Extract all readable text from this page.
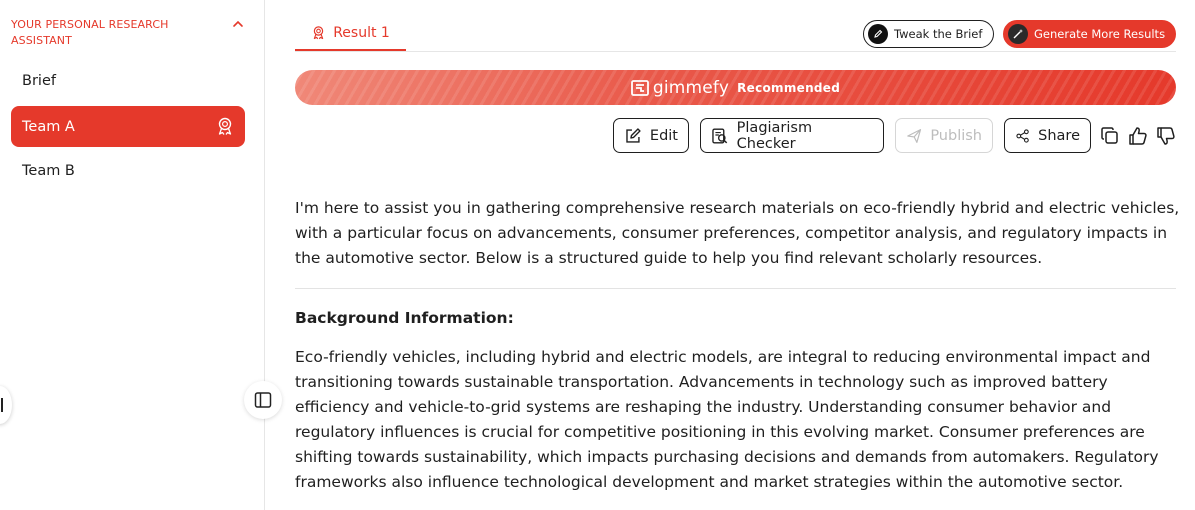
YOUR PERSONAL RESEARCH ASSISTANT
Brief
Team A
Team B
Result 1	Tweak the Brief	Generate More Results
gimmefy Recommended
Edit	Plagiarism Checker	Publish	Share

I'm here to assist you in gathering comprehensive research materials on eco-friendly hybrid and electric vehicles, with a particular focus on advancements, consumer preferences, competitor analysis, and regulatory impacts in the automotive sector. Below is a structured guide to help you find relevant scholarly resources.

Background Information:

Eco-friendly vehicles, including hybrid and electric models, are integral to reducing environmental impact and transitioning towards sustainable transportation. Advancements in technology such as improved battery efficiency and vehicle-to-grid systems are reshaping the industry. Understanding consumer behavior and regulatory influences is crucial for competitive positioning in this evolving market. Consumer preferences are shifting towards sustainability, which impacts purchasing decisions and demands from automakers. Regulatory frameworks also influence technological development and market strategies within the automotive sector.
